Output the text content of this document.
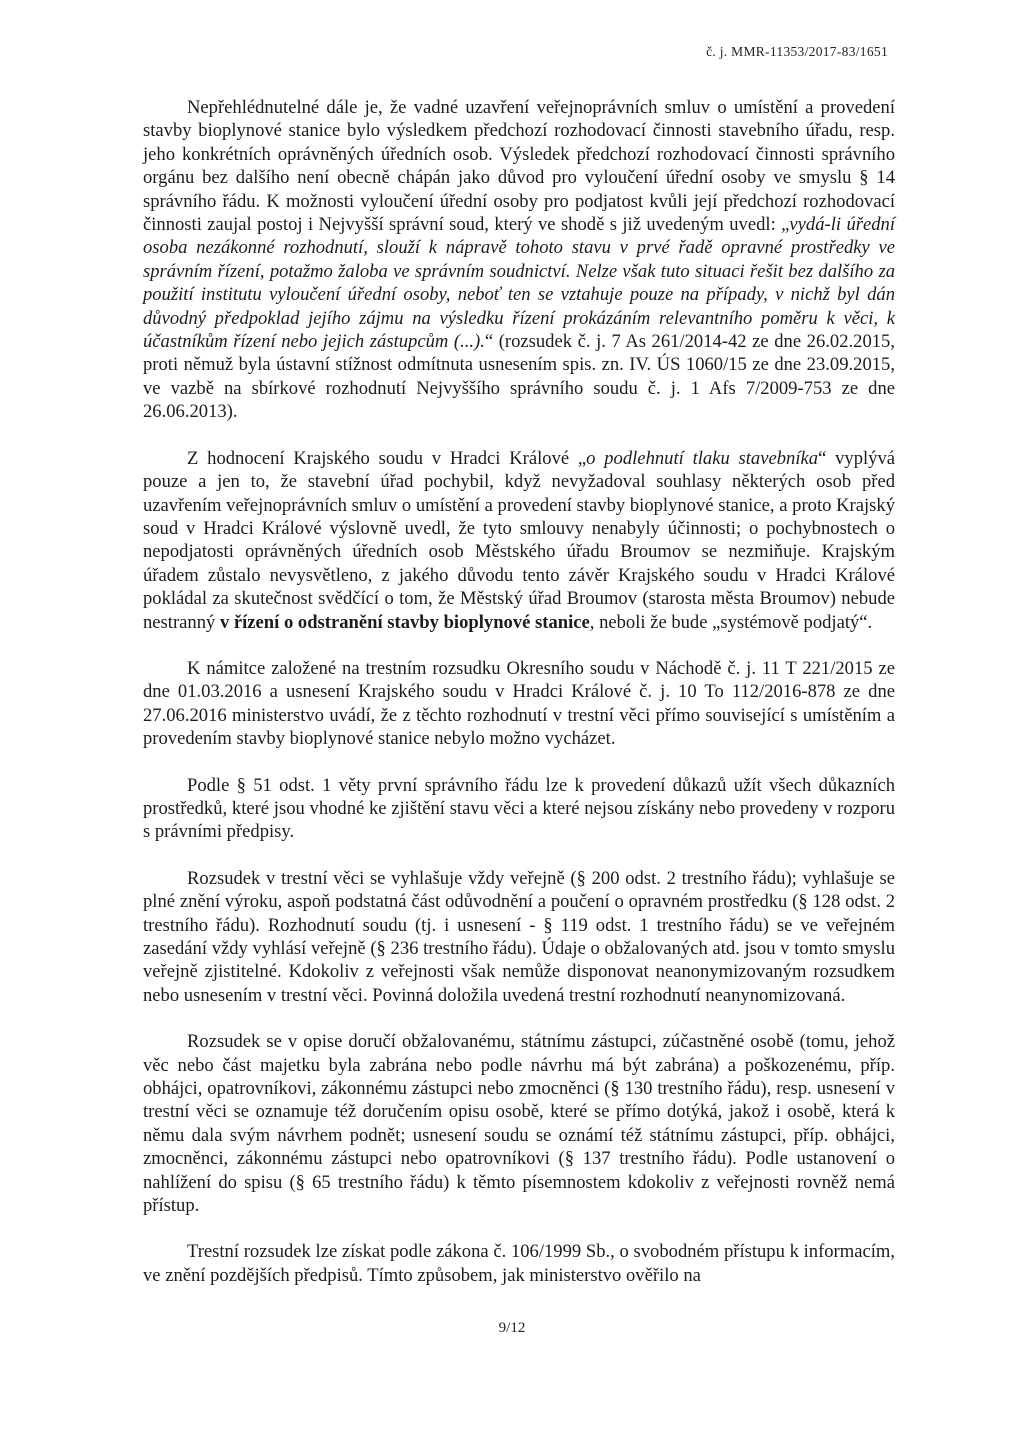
č. j. MMR-11353/2017-83/1651

Nepřehlédnutelné dále je, že vadné uzavření veřejnoprávních smluv o umístění a provedení stavby bioplynové stanice bylo výsledkem předchozí rozhodovací činnosti stavebního úřadu, resp. jeho konkrétních oprávněných úředních osob. Výsledek předchozí rozhodovací činnosti správního orgánu bez dalšího není obecně chápán jako důvod pro vyloučení úřední osoby ve smyslu § 14 správního řádu. K možnosti vyloučení úřední osoby pro podjatost kvůli její předchozí rozhodovací činnosti zaujal postoj i Nejvyšší správní soud, který ve shodě s již uvedeným uvedl: „vydá-li úřední osoba nezákonné rozhodnutí, slouží k nápravě tohoto stavu v prvé řadě opravné prostředky ve správním řízení, potažmo žaloba ve správním soudnictví. Nelze však tuto situaci řešit bez dalšího za použití institutu vyloučení úřední osoby, neboť ten se vztahuje pouze na případy, v nichž byl dán důvodný předpoklad jejího zájmu na výsledku řízení prokázáním relevantního poměru k věci, k účastníkům řízení nebo jejich zástupcům (...).“ (rozsudek č. j. 7 As 261/2014-42 ze dne 26.02.2015, proti němuž byla ústavní stížnost odmítnuta usnesením spis. zn. IV. ÚS 1060/15 ze dne 23.09.2015, ve vazbě na sbírkové rozhodnutí Nejvyššího správního soudu č. j. 1 Afs 7/2009-753 ze dne 26.06.2013).

Z hodnocení Krajského soudu v Hradci Králové „o podlehnutí tlaku stavebníka“ vyplývá pouze a jen to, že stavební úřad pochybil, když nevyžadoval souhlasy některých osob před uzavřením veřejnoprávních smluv o umístění a provedení stavby bioplynové stanice, a proto Krajský soud v Hradci Králové výslovně uvedl, že tyto smlouvy nenabyly účinnosti; o pochybnostech o nepodjatosti oprávněných úředních osob Městského úřadu Broumov se nezmiňuje. Krajským úřadem zůstalo nevysvětleno, z jakého důvodu tento závěr Krajského soudu v Hradci Králové pokládal za skutečnost svědčící o tom, že Městský úřad Broumov (starosta města Broumov) nebude nestranný v řízení o odstranění stavby bioplynové stanice, neboli že bude „systémově podjatý“.

K námitce založené na trestním rozsudku Okresního soudu v Náchodě č. j. 11 T 221/2015 ze dne 01.03.2016 a usnesení Krajského soudu v Hradci Králové č. j. 10 To 112/2016-878 ze dne 27.06.2016 ministerstvo uvádí, že z těchto rozhodnutí v trestní věci přímo související s umístěním a provedením stavby bioplynové stanice nebylo možno vycházet.

Podle § 51 odst. 1 věty první správního řádu lze k provedení důkazů užít všech důkazních prostředků, které jsou vhodné ke zjištění stavu věci a které nejsou získány nebo provedeny v rozporu s právními předpisy.

Rozsudek v trestní věci se vyhlašuje vždy veřejně (§ 200 odst. 2 trestního řádu); vyhlašuje se plné znění výroku, aspoň podstatná část odůvodnění a poučení o opravném prostředku (§ 128 odst. 2 trestního řádu). Rozhodnutí soudu (tj. i usnesení - § 119 odst. 1 trestního řádu) se ve veřejném zasedání vždy vyhlásí veřejně (§ 236 trestního řádu). Údaje o obžalovaných atd. jsou v tomto smyslu veřejně zjistitelné. Kdokoliv z veřejnosti však nemůže disponovat neanonymizovaným rozsudkem nebo usnesením v trestní věci. Povinná doložila uvedená trestní rozhodnutí neanynomizovaná.

Rozsudek se v opise doručí obžalovanému, státnímu zástupci, zúčastněné osobě (tomu, jehož věc nebo část majetku byla zabrána nebo podle návrhu má být zabrána) a poškozenému, příp. obhájci, opatrovníkovi, zákonnému zástupci nebo zmocněnci (§ 130 trestního řádu), resp. usnesení v trestní věci se oznamuje též doručením opisu osobě, které se přímo dotýká, jakož i osobě, která k němu dala svým návrhem podnět; usnesení soudu se oznámí též státnímu zástupci, příp. obhájci, zmocněnci, zákonnému zástupci nebo opatrovníkovi (§ 137 trestního řádu). Podle ustanovení o nahlížení do spisu (§ 65 trestního řádu) k těmto písemnostem kdokoliv z veřejnosti rovněž nemá přístup.

Trestní rozsudek lze získat podle zákona č. 106/1999 Sb., o svobodném přístupu k informacím, ve znění pozdějších předpisů. Tímto způsobem, jak ministerstvo ověřilo na

9/12
